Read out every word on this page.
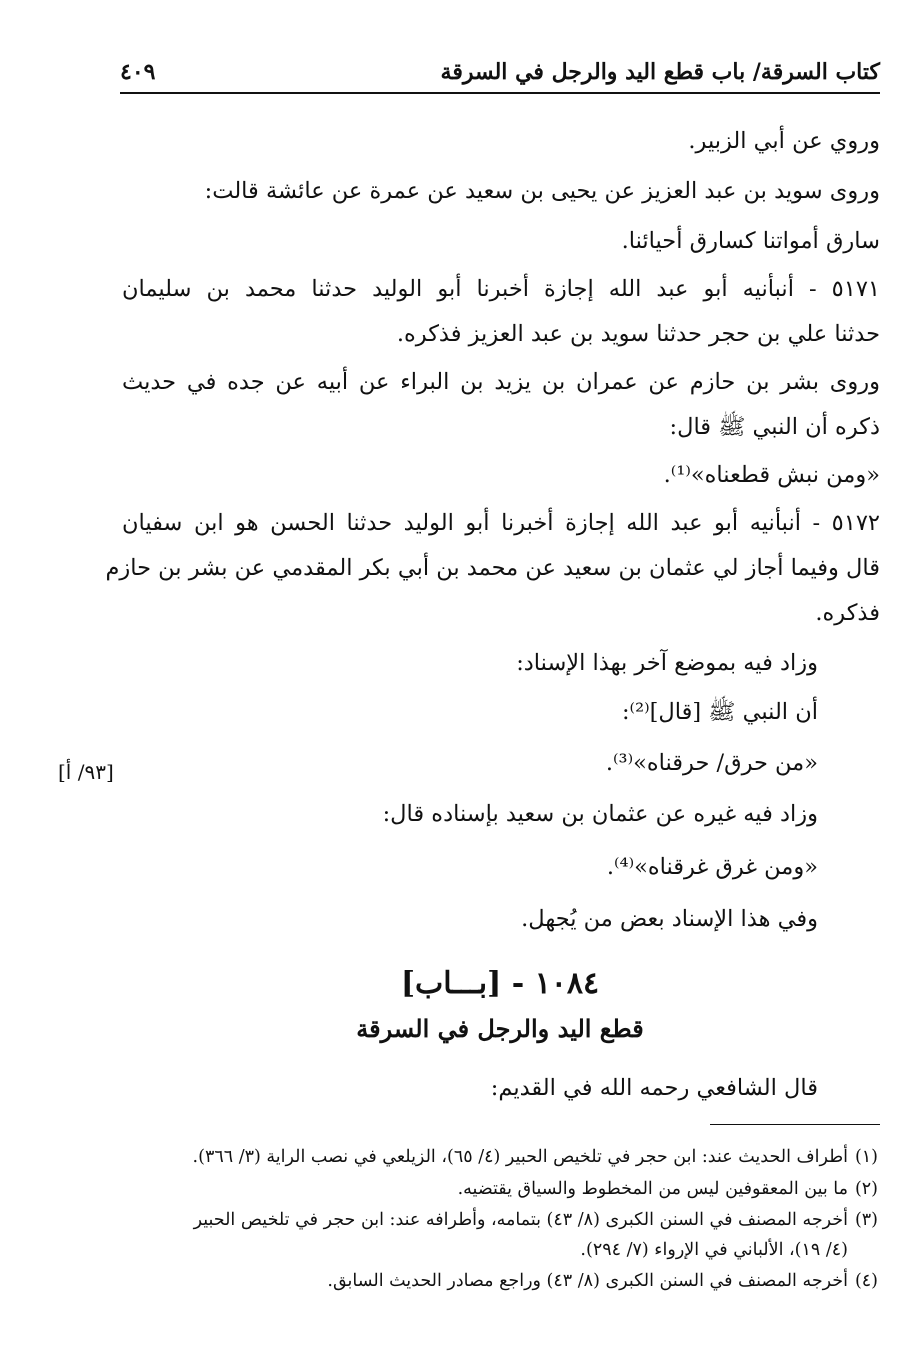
٤٠٩	كتاب السرقة/ باب قطع اليد والرجل في السرقة
وروي عن أبي الزبير.
وروى سويد بن عبد العزيز عن يحيى بن سعيد عن عمرة عن عائشة قالت:
سارق أمواتنا كسارق أحيائنا.
٥١٧١ - أنبأنيه أبو عبد الله إجازة أخبرنا أبو الوليد حدثنا محمد بن سليمان
حدثنا علي بن حجر حدثنا سويد بن عبد العزيز فذكره.
وروى بشر بن حازم عن عمران بن يزيد بن البراء عن أبيه عن جده في حديث
ذكره أن النبي ﷺ قال:
«ومن نبش قطعناه»⁽¹⁾.
٥١٧٢ - أنبأنيه أبو عبد الله إجازة أخبرنا أبو الوليد حدثنا الحسن هو ابن سفيان
قال وفيما أجاز لي عثمان بن سعيد عن محمد بن أبي بكر المقدمي عن بشر بن حازم
فذكره.
وزاد فيه بموضع آخر بهذا الإسناد:
أن النبي ﷺ [قال]⁽²⁾:
«من حرق/ حرقناه»⁽³⁾.
وزاد فيه غيره عن عثمان بن سعيد بإسناده قال:
«ومن غرق غرقناه»⁽⁴⁾.
وفي هذا الإسناد بعض من يُجهل.
[٩٣/ أ]
١٠٨٤ - [بـــاب]
قطع اليد والرجل في السرقة
قال الشافعي رحمه الله في القديم:
(١)أطراف الحديث عند: ابن حجر في تلخيص الحبير (٤/ ٦٥)، الزيلعي في نصب الراية (٣/ ٣٦٦).
(٢)ما بين المعقوفين ليس من المخطوط والسياق يقتضيه.
(٣)أخرجه المصنف في السنن الكبرى (٨/ ٤٣) بتمامه، وأطرافه عند: ابن حجر في تلخيص الحبير
(٤/ ١٩)، الألباني في الإرواء (٧/ ٢٩٤).
(٤)أخرجه المصنف في السنن الكبرى (٨/ ٤٣) وراجع مصادر الحديث السابق.
